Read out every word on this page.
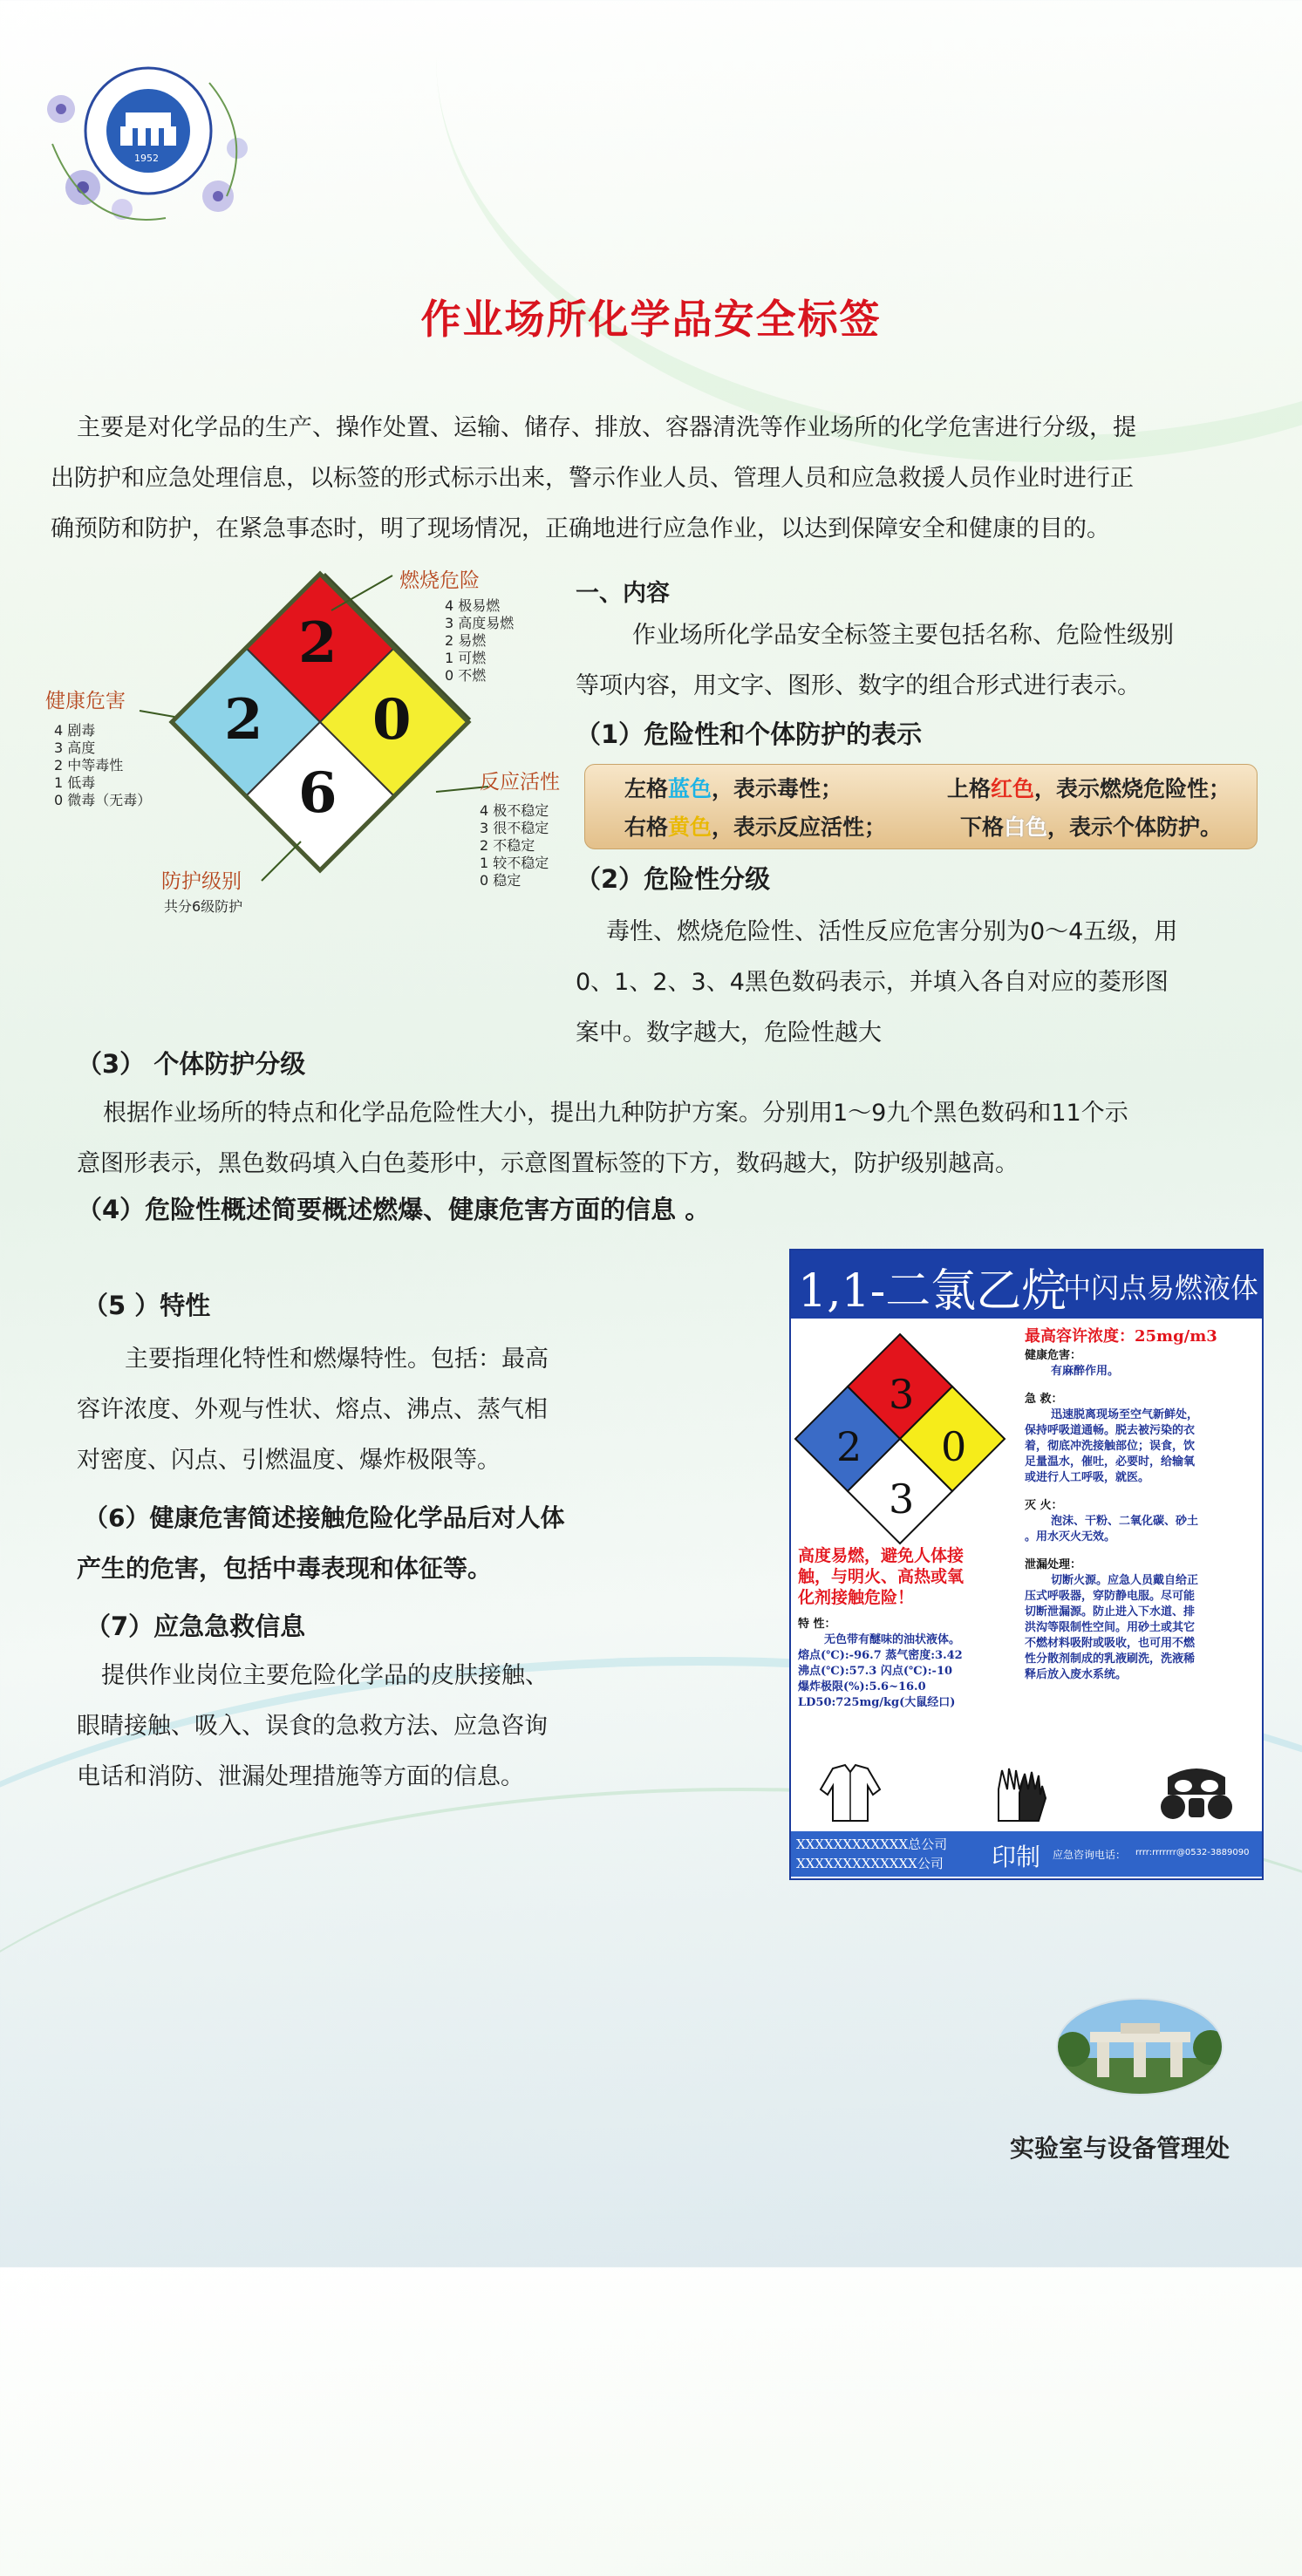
1952
作业场所化学品安全标签
主要是对化学品的生产、操作处置、运输、储存、排放、容器清洗等作业场所的化学危害进行分级，提
出防护和应急处理信息，以标签的形式标示出来，警示作业人员、管理人员和应急救援人员作业时进行正
确预防和防护，在紧急事态时，明了现场情况，正确地进行应急作业，以达到保障安全和健康的目的。
2
2 0
6
燃烧危险
4 极易燃
3 高度易燃
2 易燃
1 可燃
0 不燃
健康危害
4 剧毒
3 高度
2 中等毒性
1 低毒
0 微毒（无毒）
反应活性
4 极不稳定
3 很不稳定
2 不稳定
1 较不稳定
0 稳定
防护级别
共分6级防护
一、内容
作业场所化学品安全标签主要包括名称、危险性级别
等项内容，用文字、图形、数字的组合形式进行表示。
（1）危险性和个体防护的表示
左格蓝色，表示毒性；	上格红色，表示燃烧危险性；
右格黄色，表示反应活性；	下格白色，表示个体防护。
（2）危险性分级
毒性、燃烧危险性、活性反应危害分别为0～4五级，用
0、1、2、3、4黑色数码表示，并填入各自对应的菱形图
案中。数字越大，危险性越大
（3） 个体防护分级
根据作业场所的特点和化学品危险性大小，提出九种防护方案。分别用1～9九个黑色数码和11个示
意图形表示，黑色数码填入白色菱形中，示意图置标签的下方，数码越大，防护级别越高。
（4）危险性概述简要概述燃爆、健康危害方面的信息 。
（5 ）特性
主要指理化特性和燃爆特性。包括：最高
容许浓度、外观与性状、熔点、沸点、蒸气相
对密度、闪点、引燃温度、爆炸极限等。
（6）健康危害简述接触危险化学品后对人体
产生的危害，包括中毒表现和体征等。
（7）应急急救信息
提供作业岗位主要危险化学品的皮肤接触、
眼睛接触、吸入、误食的急救方法、应急咨询
电话和消防、泄漏处理措施等方面的信息。
1,1-二氯乙烷
中闪点易燃液体
最高容许浓度：25mg/m3
3
2 0
3
高度易燃，避免人体接
触，与明火、高热或氧
化剂接触危险！
特 性：
无色带有醚味的油状液体。
熔点(℃):-96.7 蒸气密度:3.42
沸点(℃):57.3 闪点(℃):-10
爆炸极限(%):5.6~16.0
LD50:725mg/kg(大鼠经口)
健康危害：
有麻醉作用。
急 救：
迅速脱离现场至空气新鲜处，
保持呼吸道通畅。脱去被污染的衣
着，彻底冲洗接触部位；误食，饮
足量温水，催吐，必要时，给输氧
或进行人工呼吸，就医。
灭 火：
泡沫、干粉、二氧化碳、砂土
。用水灭火无效。
泄漏处理：
切断火源。应急人员戴自给正
压式呼吸器，穿防静电服。尽可能
切断泄漏源。防止进入下水道、排
洪沟等限制性空间。用砂土或其它
不燃材料吸附或吸收，也可用不燃
性分散剂制成的乳液刷洗，洗液稀
释后放入废水系统。
XXXXXXXXXXXX总公司
XXXXXXXXXXXXX公司 印制 应急咨询电话： rrrr:rrrrrrr@0532-3889090
实验室与设备管理处
